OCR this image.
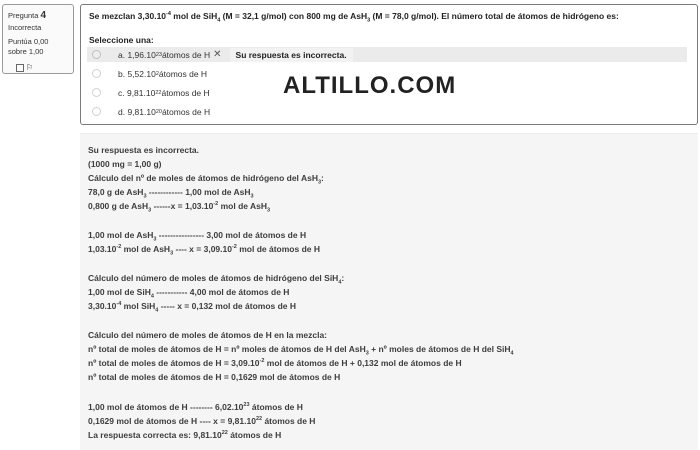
Pregunta 4
Incorrecta
Puntúa 0,00 sobre 1,00
⚐
Se mezclan $3,30.10^{-4}$ mol de SiH$_4$ (M = 32,1 g/mol) con 800 mg de AsH$_3$ (M = 78,0 g/mol). El número total de átomos de hidrógeno es:
Seleccione una:
a. 1,96.10 23 átomos de H ✕	Su respuesta es incorrecta.
b. 5,52.10 2 átomos de H
c. 9,81.10 22 átomos de H
d. 9,81.10 20 átomos de H
ALTILLO.COM
Su respuesta es incorrecta.
(1000 mg = 1,00 g)
Cálculo del nº de moles de átomos de hidrógeno del AsH$_3$:
78,0 g de AsH$_3$ ------------ 1,00 mol de AsH$_3$
0,800 g de AsH$_3$ $------x = 1,03.10^{-2}$ mol de AsH$_3$
1,00 mol de AsH$_3$ ---------------- 3,00 mol de átomos de H
$1,03.10^{-2}$ mol de AsH$_3$ ---- $x = 3,09.10^{-2}$ mol de átomos de H
Cálculo del número de moles de átomos de hidrógeno del SiH$_4$:
1,00 mol de SiH$_4$ ----------- 4,00 mol de átomos de H
$3,30.10^{-4}$ mol SiH$_4$ ----- x = 0,132 mol de átomos de H
Cálculo del número de moles de átomos de H en la mezcla:
nº total de moles de átomos de H = nº moles de átomos de H del AsH$_3$ + nº moles de átomos de H del SiH$_4$
nº total de moles de átomos de $H = 3,09.10^{-2}$ mol de átomos de H + 0,132 mol de átomos de H
nº total de moles de átomos de H = 0,1629 mol de átomos de H
1,00 mol de átomos de H -------- 6,02.10$^{23}$ átomos de H
0,1629 mol de átomos de H ---- $x = 9,81.10^{22}$ átomos de H
La respuesta correcta es: 9,81.10$^{22}$ átomos de H
